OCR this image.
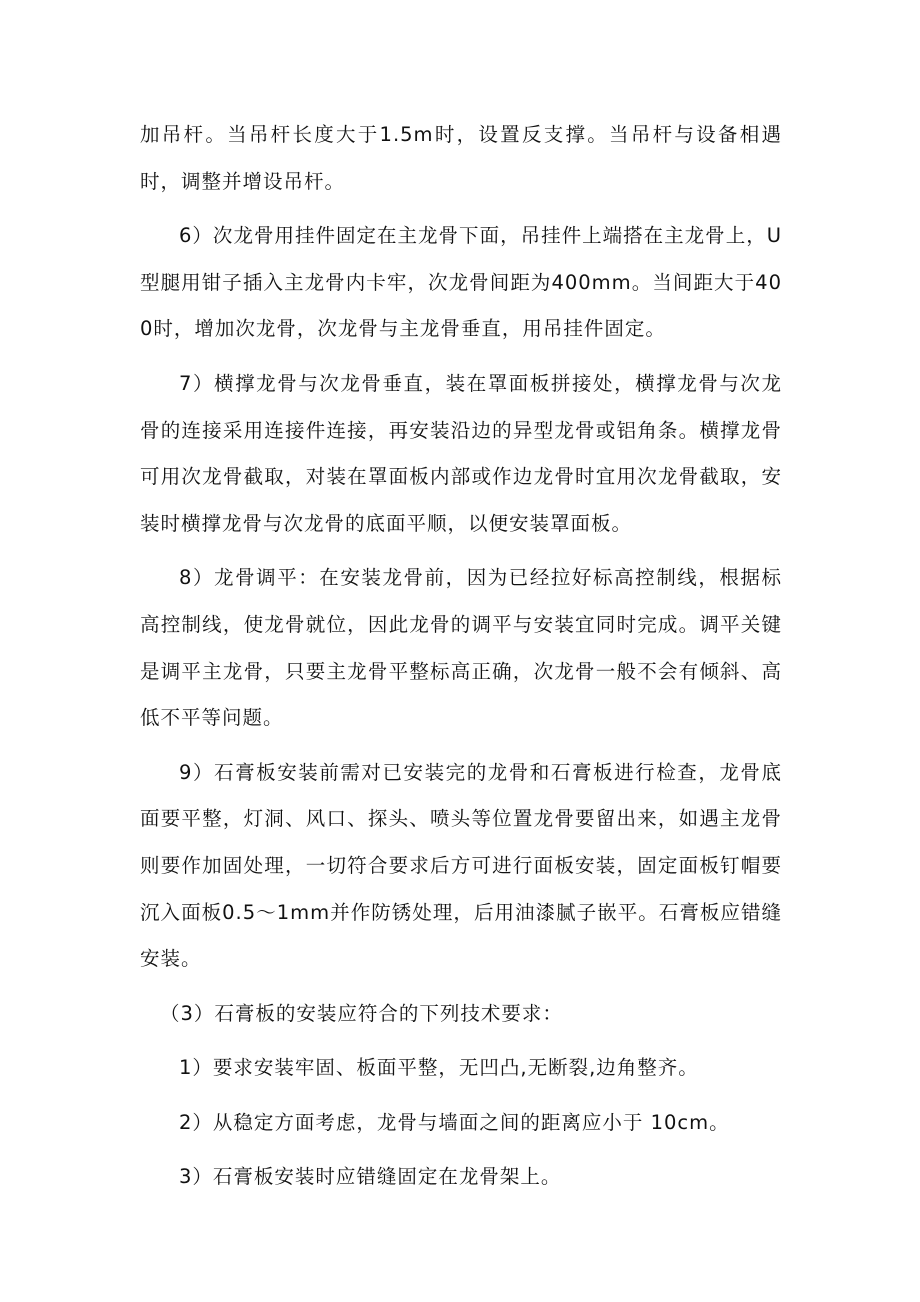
加吊杆。当吊杆长度大于1.5m时，设置反支撑。当吊杆与设备相遇时，调整并增设吊杆。

6）次龙骨用挂件固定在主龙骨下面，吊挂件上端搭在主龙骨上，U型腿用钳子插入主龙骨内卡牢，次龙骨间距为400mm。当间距大于400时，增加次龙骨，次龙骨与主龙骨垂直，用吊挂件固定。

7）横撑龙骨与次龙骨垂直，装在罩面板拼接处，横撑龙骨与次龙骨的连接采用连接件连接，再安装沿边的异型龙骨或铝角条。横撑龙骨可用次龙骨截取，对装在罩面板内部或作边龙骨时宜用次龙骨截取，安装时横撑龙骨与次龙骨的底面平顺，以便安装罩面板。

8）龙骨调平：在安装龙骨前，因为已经拉好标高控制线，根据标高控制线，使龙骨就位，因此龙骨的调平与安装宜同时完成。调平关键是调平主龙骨，只要主龙骨平整标高正确，次龙骨一般不会有倾斜、高低不平等问题。

9）石膏板安装前需对已安装完的龙骨和石膏板进行检查，龙骨底面要平整，灯洞、风口、探头、喷头等位置龙骨要留出来，如遇主龙骨则要作加固处理，一切符合要求后方可进行面板安装，固定面板钉帽要沉入面板0.5～1mm并作防锈处理，后用油漆腻子嵌平。石膏板应错缝安装。

（3）石膏板的安装应符合的下列技术要求：

1）要求安装牢固、板面平整，无凹凸,无断裂,边角整齐。

2）从稳定方面考虑，龙骨与墙面之间的距离应小于 10cm。

3）石膏板安装时应错缝固定在龙骨架上。
